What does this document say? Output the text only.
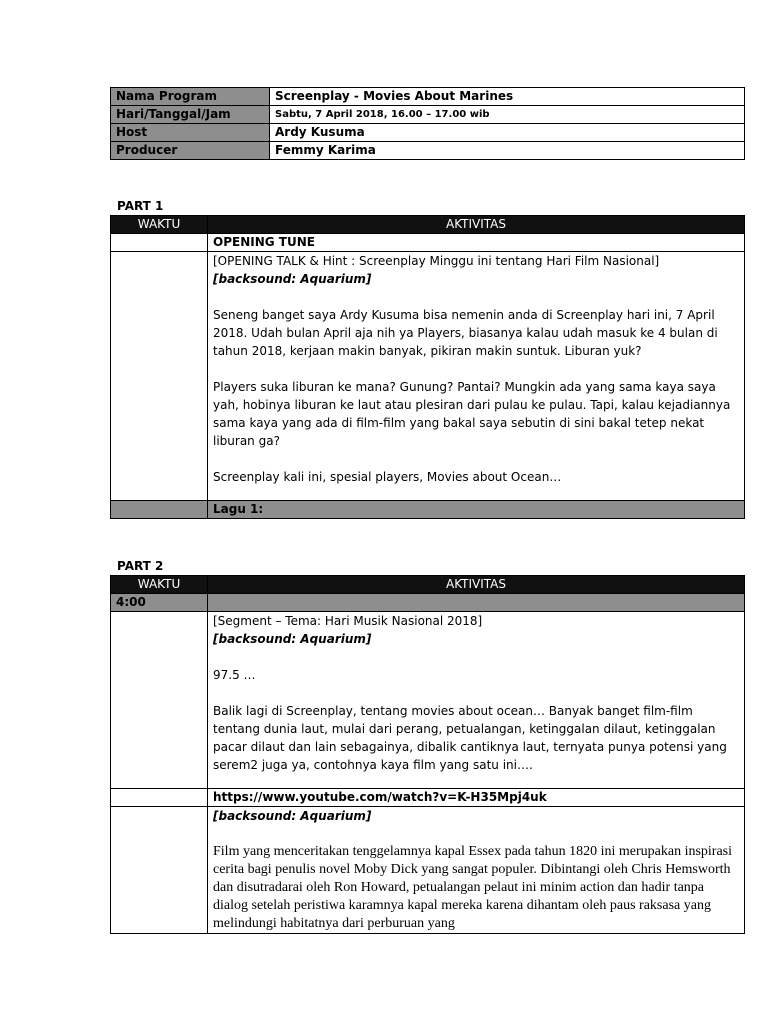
Nama Program	Screenplay - Movies About Marines
Hari/Tanggal/Jam	Sabtu, 7 April 2018, 16.00 – 17.00 wib
Host	Ardy Kusuma
Producer	Femmy Karima
PART 1
WAKTU	AKTIVITAS
	OPENING TUNE

	[OPENING TALK & Hint : Screenplay Minggu ini tentang Hari Film Nasional]

[backsound: Aquarium]

Seneng banget saya Ardy Kusuma bisa nemenin anda di Screenplay hari ini, 7 April 2018. Udah bulan April aja nih ya Players, biasanya kalau udah masuk ke 4 bulan di tahun 2018, kerjaan makin banyak, pikiran makin suntuk. Liburan yuk?

Players suka liburan ke mana? Gunung? Pantai? Mungkin ada yang sama kaya saya yah, hobinya liburan ke laut atau plesiran dari pulau ke pulau. Tapi, kalau kejadiannya sama kaya yang ada di film-film yang bakal saya sebutin di sini bakal tetep nekat liburan ga?

Screenplay kali ini, spesial players, Movies about Ocean…

	Lagu 1:
PART 2
WAKTU	AKTIVITAS
4:00	

	[Segment – Tema: Hari Musik Nasional 2018]

[backsound: Aquarium]

97.5 …

Balik lagi di Screenplay, tentang movies about ocean… Banyak banget film-film tentang dunia laut, mulai dari perang, petualangan, ketinggalan dilaut, ketinggalan pacar dilaut dan lain sebagainya, dibalik cantiknya laut, ternyata punya potensi yang serem2 juga ya, contohnya kaya film yang satu ini….

	https://www.youtube.com/watch?v=K-H35Mpj4uk

	[backsound: Aquarium]

Film yang menceritakan tenggelamnya kapal Essex pada tahun 1820 ini merupakan inspirasi cerita bagi penulis novel Moby Dick yang sangat populer. Dibintangi oleh Chris Hemsworth dan disutradarai oleh Ron Howard, petualangan pelaut ini minim action dan hadir tanpa dialog setelah peristiwa karamnya kapal mereka karena dihantam oleh paus raksasa yang melindungi habitatnya dari perburuan yang
